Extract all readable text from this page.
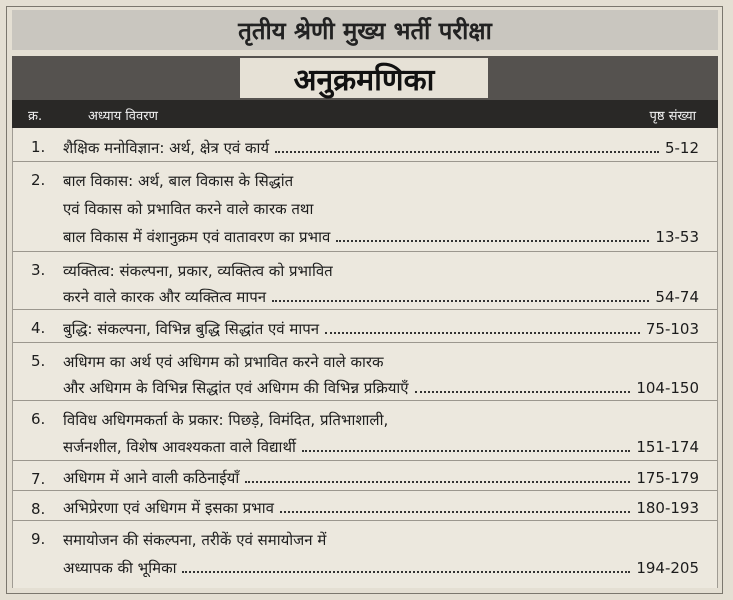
तृतीय श्रेणी मुख्य भर्ती परीक्षा
अनुक्रमणिका
क्र.	अध्याय विवरण	पृष्ठ संख्या
1. शैक्षिक मनोविज्ञान: अर्थ, क्षेत्र एवं कार्य	5-12
2. बाल विकास: अर्थ, बाल विकास के सिद्धांत
एवं विकास को प्रभावित करने वाले कारक तथा
बाल विकास में वंशानुक्रम एवं वातावरण का प्रभाव	13-53
3. व्यक्तित्व: संकल्पना, प्रकार, व्यक्तित्व को प्रभावित
करने वाले कारक और व्यक्तित्व मापन	54-74
4. बुद्धि: संकल्पना, विभिन्न बुद्धि सिद्धांत एवं मापन	75-103
5. अधिगम का अर्थ एवं अधिगम को प्रभावित करने वाले कारक
और अधिगम के विभिन्न सिद्धांत एवं अधिगम की विभिन्न प्रक्रियाएँ	104-150
6. विविध अधिगमकर्ता के प्रकार: पिछड़े, विमंदित, प्रतिभाशाली,
सर्जनशील, विशेष आवश्यकता वाले विद्यार्थी	151-174
7. अधिगम में आने वाली कठिनाईयाँ	175-179
8. अभिप्रेरणा एवं अधिगम में इसका प्रभाव	180-193
9. समायोजन की संकल्पना, तरीकें एवं समायोजन में
अध्यापक की भूमिका	194-205
